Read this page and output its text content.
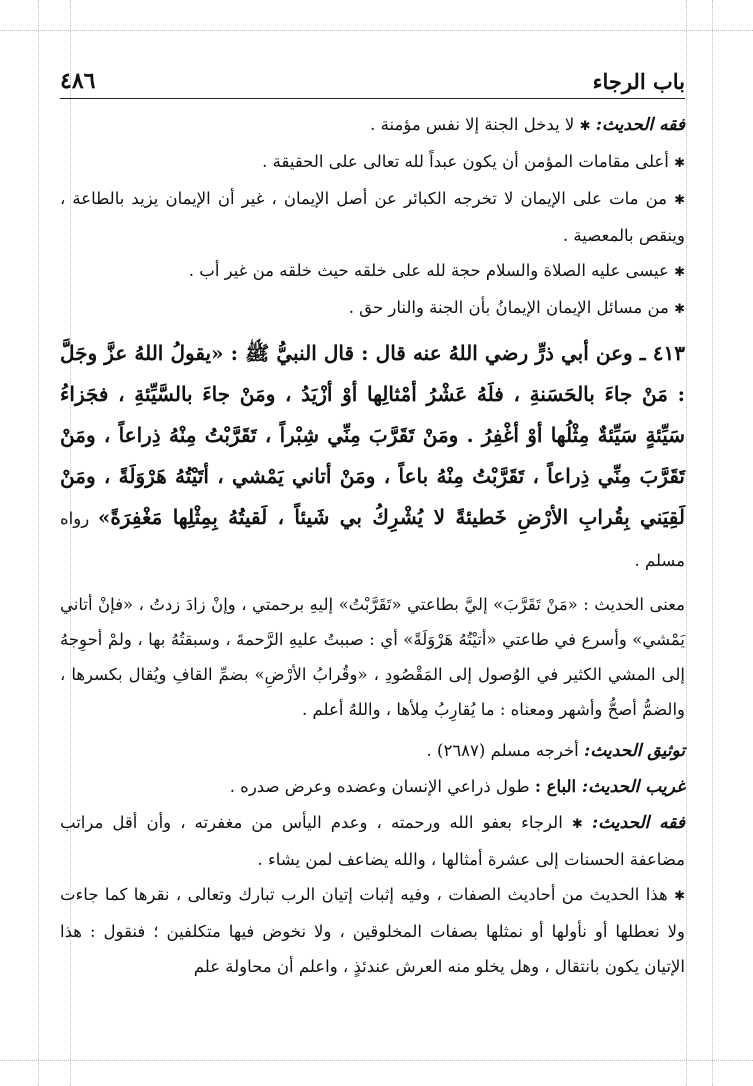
باب الرجاء
٤٨٦

فقه الحديث: ✱ لا يدخل الجنة إلا نفس مؤمنة .

✱ أعلى مقامات المؤمن أن يكون عبداً لله تعالى على الحقيقة .

✱ من مات على الإيمان لا تخرجه الكبائر عن أصل الإيمان ، غير أن الإيمان يزيد بالطاعة ، وينقص بالمعصية .

✱ عيسى عليه الصلاة والسلام حجة لله على خلقه حيث خلقه من غير أب .

✱ من مسائل الإيمان الإيمانُ بأن الجنة والنار حق .

٤١٣ ـ وعن أبي ذرٍّ رضي اللهُ عنه قال : قال النبيُّ ﷺ : «يقولُ اللهُ عزَّ وجَلَّ : مَنْ جاءَ بالحَسَنةِ ، فلَهُ عَشْرُ أمْثالِها أوْ أزْيَدُ ، ومَنْ جاءَ بالسَّيِّئةِ ، فجَزاءُ سَيِّئةٍ سَيِّئةٌ مِثْلُها أوْ أغْفِرُ . ومَنْ تَقَرَّبَ مِنِّي شِبْراً ، تَقَرَّبْتُ مِنْهُ ذِراعاً ، ومَنْ تَقَرَّبَ مِنِّي ذِراعاً ، تَقَرَّبْتُ مِنْهُ باعاً ، ومَنْ أتاني يَمْشي ، أتَيْتُهُ هَرْوَلَةً ، ومَنْ لَقِيَني بِقُرابِ الأرْضِ خَطيئةً لا يُشْرِكُ بي شَيئاً ، لَقيتُهُ بِمِثْلِها مَغْفِرَةً» رواه مسلم .

معنى الحديث : «مَنْ تَقَرَّبَ» إليَّ بطاعتي «تَقَرَّبْتُ» إليهِ برحمتي ، وإنْ زادَ زدتُ ، «فإنْ أتاني يَمْشي» وأسرع في طاعتي «أتيْتُهُ هَرْوَلَةً» أي : صببتُ عليهِ الرَّحمةَ ، وسبقتُهُ بها ، ولمْ أحوِجهُ إلى المشي الكثير في الوُصول إلى المَقْصُودِ ، «وقُرابُ الأرْضِ» بضمِّ القافِ ويُقال بكسرها ، والضمُّ أصحُّ وأشهر ومعناه : ما يُقارِبُ مِلأها ، واللهُ أعلم .

توثيق الحديث: أخرجه مسلم (٢٦٨٧) .

غريب الحديث: الباع : طول ذراعي الإنسان وعضده وعرض صدره .

فقه الحديث: ✱ الرجاء بعفو الله ورحمته ، وعدم اليأس من مغفرته ، وأن أقل مراتب مضاعفة الحسنات إلى عشرة أمثالها ، والله يضاعف لمن يشاء .

✱ هذا الحديث من أحاديث الصفات ، وفيه إثبات إتيان الرب تبارك وتعالى ، نقرها كما جاءت ولا نعطلها أو نأولها أو نمثلها بصفات المخلوقين ، ولا نخوض فيها متكلفين ؛ فنقول : هذا الإتيان يكون بانتقال ، وهل يخلو منه العرش عندئذٍ ، واعلم أن محاولة علم
